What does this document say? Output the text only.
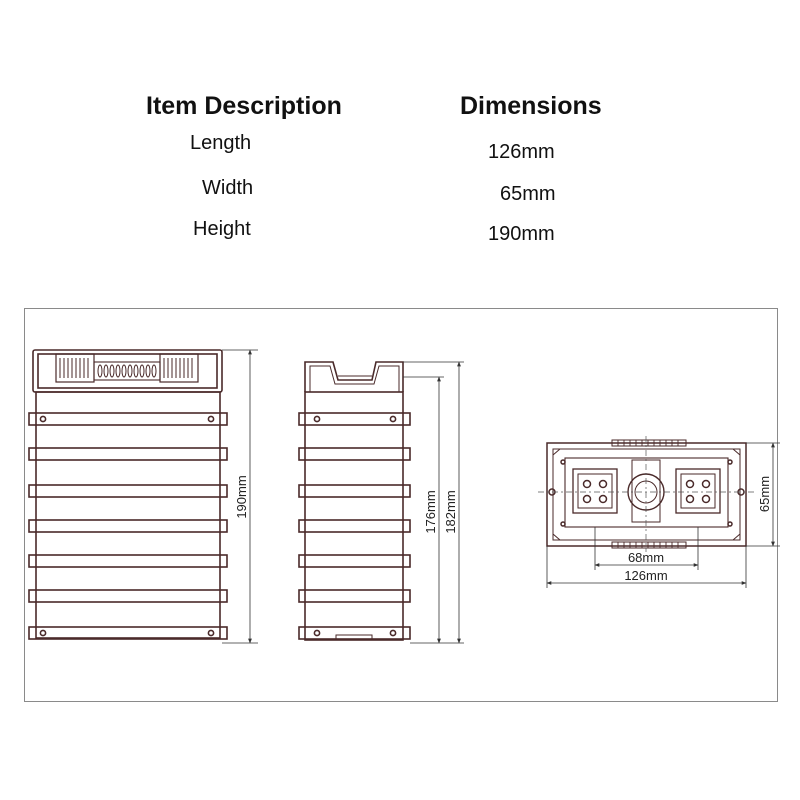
Item Description	Dimensions
Length	126mm
Width	65mm
Height	190mm
190mm	176mm 182mm	65mm
68mm
126mm
